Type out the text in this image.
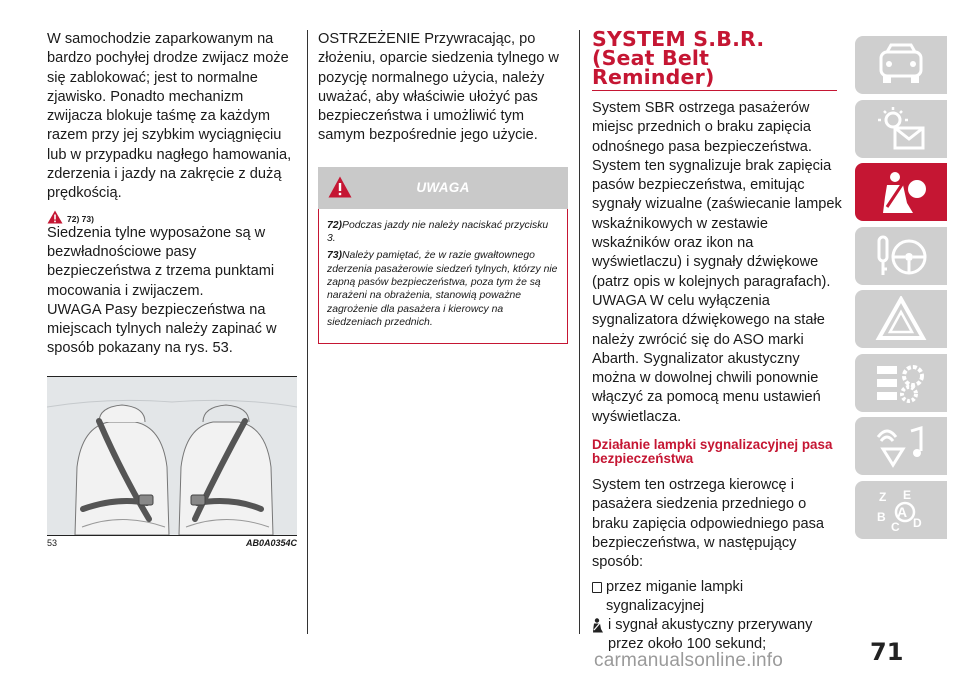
W samochodzie zaparkowanym na bardzo pochyłej drodze zwijacz może się zablokować; jest to normalne zjawisko. Ponadto mechanizm zwijacza blokuje taśmę za każdym razem przy jej szybkim wyciągnięciu lub w przypadku nagłego hamowania, zderzenia i jazdy na zakręcie z dużą prędkością.

72) 73)

Siedzenia tylne wyposażone są w bezwładnościowe pasy bezpieczeństwa z trzema punktami mocowania i zwijaczem.

UWAGA Pasy bezpieczeństwa na miejscach tylnych należy zapinać w sposób pokazany na rys. 53.

53	AB0A0354C

OSTRZEŻENIE Przywracając, po złożeniu, oparcie siedzenia tylnego w pozycję normalnego użycia, należy uważać, aby właściwie ułożyć pas bezpieczeństwa i umożliwić tym samym bezpośrednie jego użycie.

UWAGA

72)Podczas jazdy nie należy naciskać przycisku 3.

73)Należy pamiętać, że w razie gwałtownego zderzenia pasażerowie siedzeń tylnych, którzy nie zapną pasów bezpieczeństwa, poza tym że są narażeni na obrażenia, stanowią poważne zagrożenie dla pasażera i kierowcy na siedzeniach przednich.

SYSTEM S.B.R.
(Seat Belt
Reminder)

System SBR ostrzega pasażerów miejsc przednich o braku zapięcia odnośnego pasa bezpieczeństwa. System ten sygnalizuje brak zapięcia pasów bezpieczeństwa, emitując sygnały wizualne (zaświecanie lampek wskaźnikowych w zestawie wskaźników oraz ikon na wyświetlaczu) i sygnały dźwiękowe (patrz opis w kolejnych paragrafach).

UWAGA W celu wyłączenia sygnalizatora dźwiękowego na stałe należy zwrócić się do ASO marki Abarth. Sygnalizator akustyczny można w dowolnej chwili ponownie włączyć za pomocą menu ustawień wyświetlacza.

Działanie lampki sygnalizacyjnej pasa bezpieczeństwa

System ten ostrzega kierowcę i pasażera siedzenia przedniego o braku zapięcia odpowiedniego pasa bezpieczeństwa, w następujący sposób:

przez miganie lampki sygnalizacyjnej
i sygnał akustyczny przerywany przez około 100 sekund;
Z E
B
C D
A
71
carmanualsonline.info
